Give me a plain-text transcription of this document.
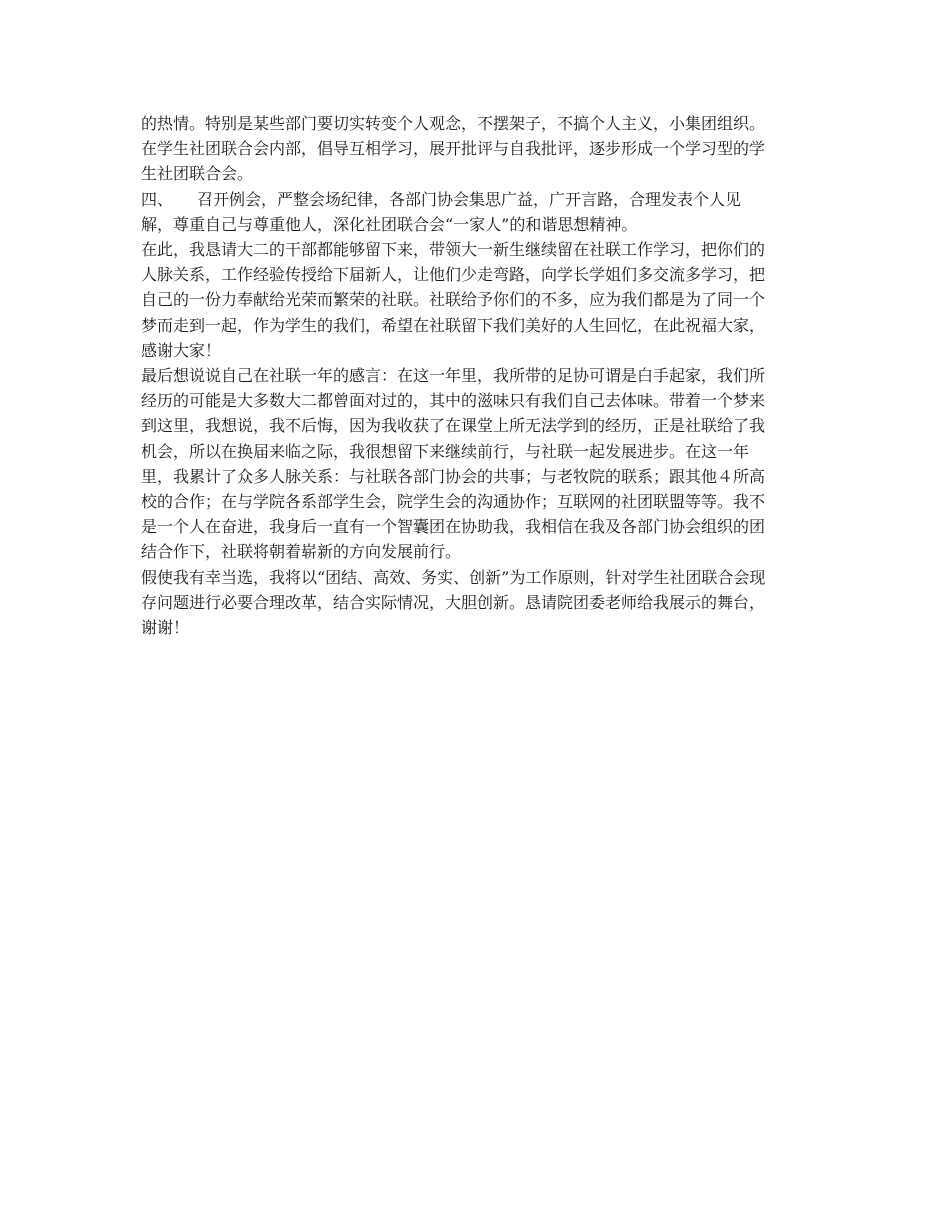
的热情。特别是某些部门要切实转变个人观念，不摆架子，不搞个人主义，小集团组织。
在学生社团联合会内部，倡导互相学习，展开批评与自我批评，逐步形成一个学习型的学
生社团联合会。
四、 召开例会，严整会场纪律，各部门协会集思广益，广开言路，合理发表个人见
解，尊重自己与尊重他人，深化社团联合会“一家人”的和谐思想精神。
在此，我恳请大二的干部都能够留下来，带领大一新生继续留在社联工作学习，把你们的
人脉关系，工作经验传授给下届新人，让他们少走弯路，向学长学姐们多交流多学习，把
自己的一份力奉献给光荣而繁荣的社联。社联给予你们的不多，应为我们都是为了同一个
梦而走到一起，作为学生的我们，希望在社联留下我们美好的人生回忆，在此祝福大家，
感谢大家！
最后想说说自己在社联一年的感言：在这一年里，我所带的足协可谓是白手起家，我们所
经历的可能是大多数大二都曾面对过的，其中的滋味只有我们自己去体味。带着一个梦来
到这里，我想说，我不后悔，因为我收获了在课堂上所无法学到的经历，正是社联给了我
机会，所以在换届来临之际，我很想留下来继续前行，与社联一起发展进步。在这一年
里，我累计了众多人脉关系：与社联各部门协会的共事；与老牧院的联系；跟其他４所高
校的合作；在与学院各系部学生会，院学生会的沟通协作；互联网的社团联盟等等。我不
是一个人在奋进，我身后一直有一个智囊团在协助我，我相信在我及各部门协会组织的团
结合作下，社联将朝着崭新的方向发展前行。
假使我有幸当选，我将以“团结、高效、务实、创新”为工作原则，针对学生社团联合会现
存问题进行必要合理改革，结合实际情况，大胆创新。恳请院团委老师给我展示的舞台，
谢谢！
